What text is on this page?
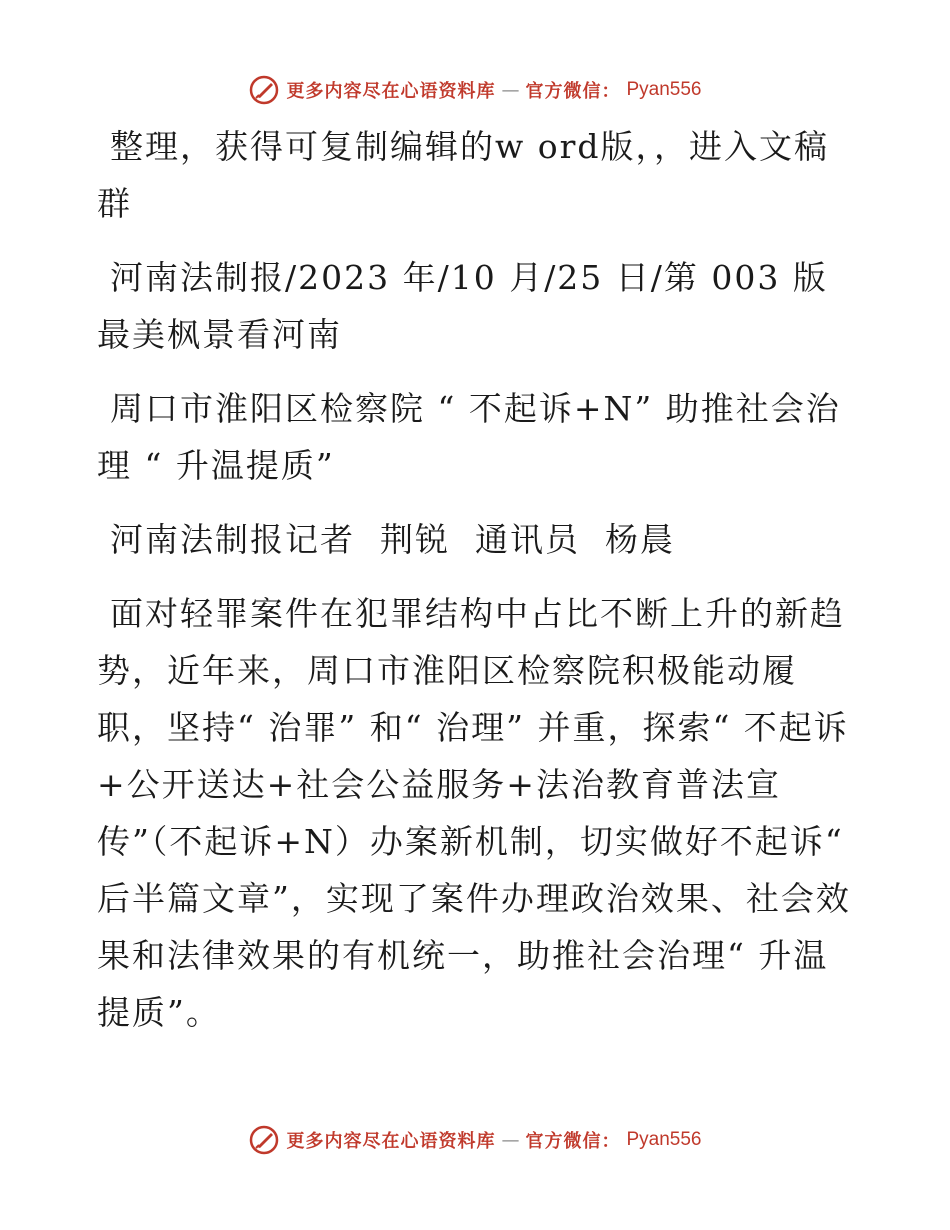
更多内容尽在心语资料库 — 官方微信： Pyan556

整理，获得可复制编辑的w ord版，，进入文稿群

河南法制报/2023 年/10 月/25 日/第 003 版最美枫景看河南

周口市淮阳区检察院 “ 不起诉+N” 助推社会治理 “ 升温提质”

河南法制报记者  荆锐  通讯员  杨晨

面对轻罪案件在犯罪结构中占比不断上升的新趋势，近年来，周口市淮阳区检察院积极能动履职，坚持“ 治罪” 和“ 治理” 并重，探索“ 不起诉+公开送达+社会公益服务+法治教育普法宣传”（不起诉+N）办案新机制，切实做好不起诉“ 后半篇文章”，实现了案件办理政治效果、社会效果和法律效果的有机统一，助推社会治理“ 升温提质”。

更多内容尽在心语资料库 — 官方微信： Pyan556
